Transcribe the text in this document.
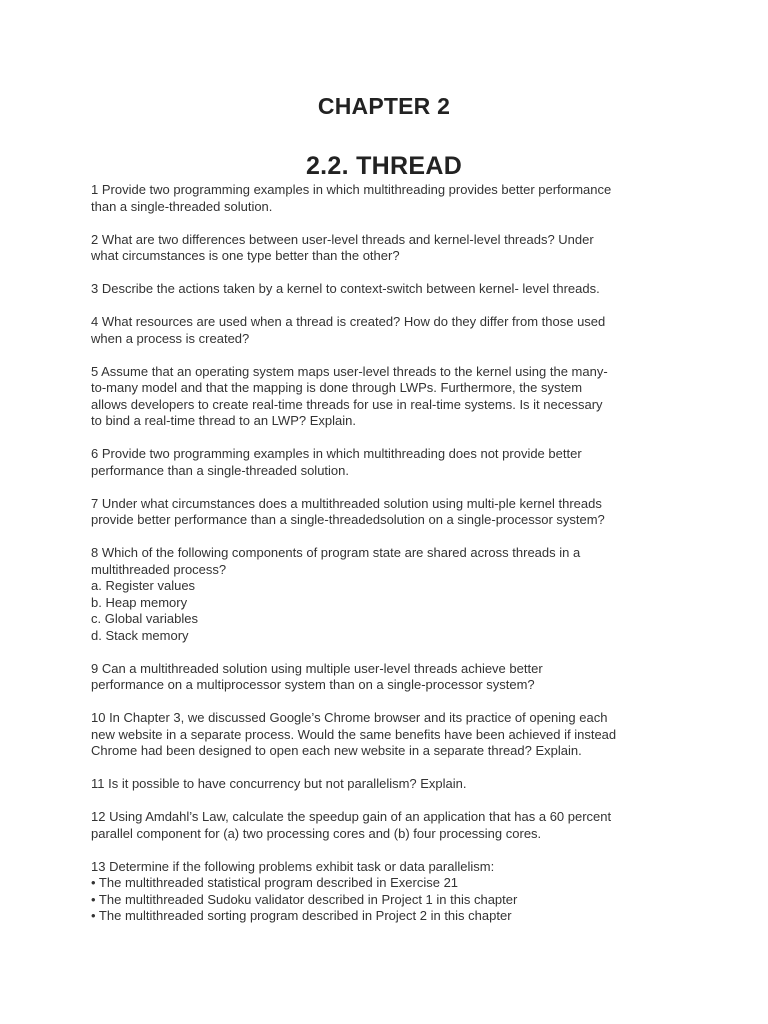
CHAPTER 2
2.2. THREAD
1 Provide two programming examples in which multithreading provides better performance
than a single-threaded solution.
2 What are two differences between user-level threads and kernel-level threads? Under
what circumstances is one type better than the other?
3 Describe the actions taken by a kernel to context-switch between kernel- level threads.
4 What resources are used when a thread is created? How do they differ from those used
when a process is created?
5 Assume that an operating system maps user-level threads to the kernel using the many-
to-many model and that the mapping is done through LWPs. Furthermore, the system
allows developers to create real-time threads for use in real-time systems. Is it necessary
to bind a real-time thread to an LWP? Explain.
6 Provide two programming examples in which multithreading does not provide better
performance than a single-threaded solution.
7 Under what circumstances does a multithreaded solution using multi-ple kernel threads
provide better performance than a single-threadedsolution on a single-processor system?
8 Which of the following components of program state are shared across threads in a
multithreaded process?
a. Register values
b. Heap memory
c. Global variables
d. Stack memory
9 Can a multithreaded solution using multiple user-level threads achieve better
performance on a multiprocessor system than on a single-processor system?
10 In Chapter 3, we discussed Google’s Chrome browser and its practice of opening each
new website in a separate process. Would the same benefits have been achieved if instead
Chrome had been designed to open each new website in a separate thread? Explain.
11 Is it possible to have concurrency but not parallelism? Explain.
12 Using Amdahl’s Law, calculate the speedup gain of an application that has a 60 percent
parallel component for (a) two processing cores and (b) four processing cores.
13 Determine if the following problems exhibit task or data parallelism:
• The multithreaded statistical program described in Exercise 21
• The multithreaded Sudoku validator described in Project 1 in this chapter
• The multithreaded sorting program described in Project 2 in this chapter
